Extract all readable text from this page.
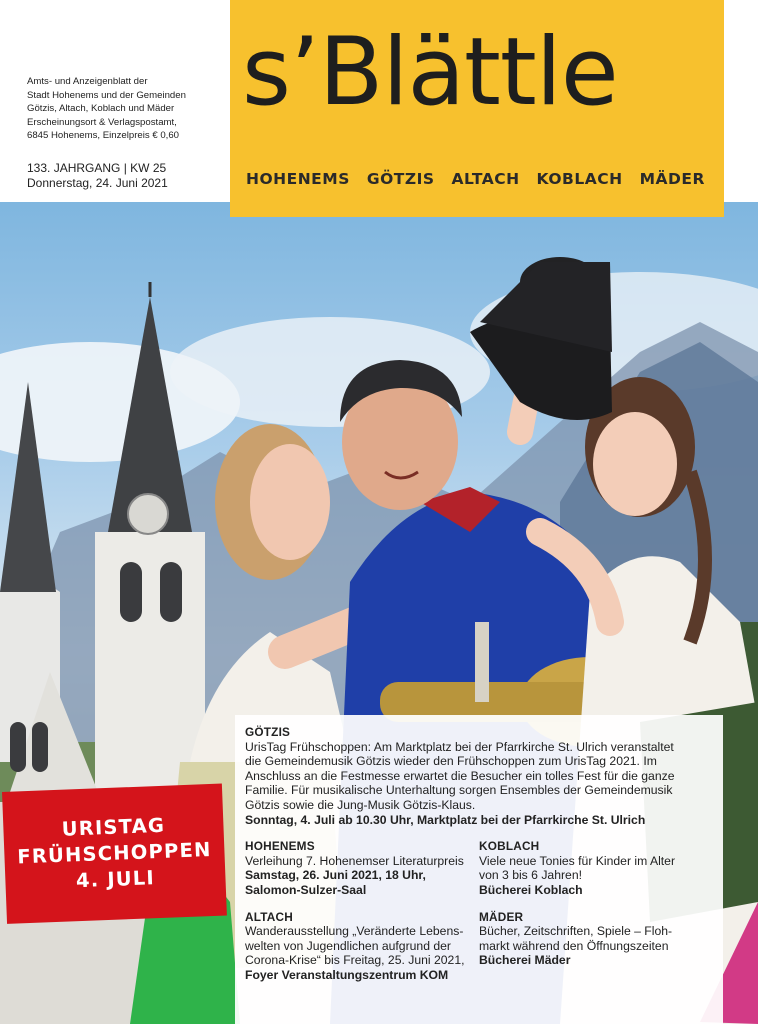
Amts- und Anzeigenblatt der
Stadt Hohenems und der Gemeinden
Götzis, Altach, Koblach und Mäder
Erscheinungsort & Verlagspostamt,
6845 Hohenems, Einzelpreis € 0,60
133. JAHRGANG | KW 25
Donnerstag, 24. Juni 2021
s’Blättle
HOHENEMS GÖTZIS ALTACH KOBLACH MÄDER
URISTAG
FRÜHSCHOPPEN
4. JULI
GÖTZIS
UrisTag Frühschoppen: Am Marktplatz bei der Pfarrkirche St. Ulrich veranstaltet
die Gemeindemusik Götzis wieder den Frühschoppen zum UrisTag 2021. Im
Anschluss an die Festmesse erwartet die Besucher ein tolles Fest für die ganze
Familie. Für musikalische Unterhaltung sorgen Ensembles der Gemeindemusik
Götzis sowie die Jung-Musik Götzis-Klaus.
Sonntag, 4. Juli ab 10.30 Uhr, Marktplatz bei der Pfarrkirche St. Ulrich
HOHENEMS
Verleihung 7. Hohenemser Literaturpreis
Samstag, 26. Juni 2021, 18 Uhr,
Salomon-Sulzer-Saal
ALTACH
Wanderausstellung „Veränderte Lebens-
welten von Jugendlichen aufgrund der
Corona-Krise“ bis Freitag, 25. Juni 2021,
Foyer Veranstaltungszentrum KOM
KOBLACH
Viele neue Tonies für Kinder im Alter
von 3 bis 6 Jahren!
Bücherei Koblach
MÄDER
Bücher, Zeitschriften, Spiele – Floh-
markt während den Öffnungszeiten
Bücherei Mäder
